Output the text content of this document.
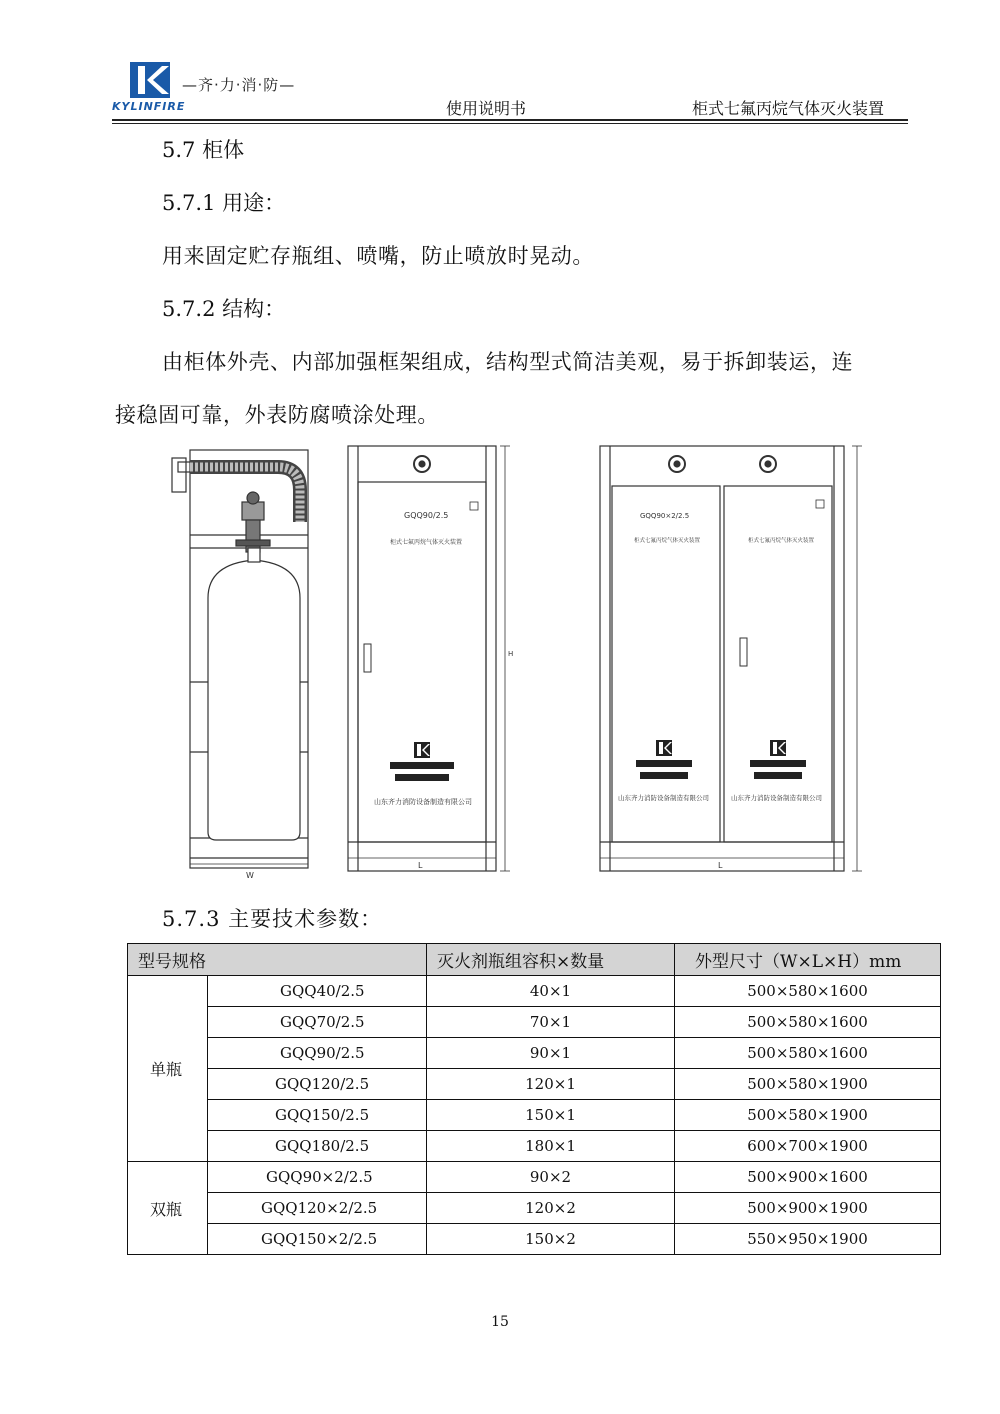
—齐·力·消·防—
KYLINFIRE	使用说明书	柜式七氟丙烷气体灭火装置
5.7 柜体
5.7.1 用途：
用来固定贮存瓶组、喷嘴，防止喷放时晃动。
5.7.2 结构：
由柜体外壳、内部加强框架组成，结构型式简洁美观，易于拆卸装运，连
接稳固可靠，外表防腐喷涂处理。
W
GQQ90/2.5
柜式七氟丙烷气体灭火装置
山东齐力消防设备制造有限公司
H
L
GQQ90×2/2.5
柜式七氟丙烷气体灭火装置	柜式七氟丙烷气体灭火装置
山东齐力消防设备制造有限公司	山东齐力消防设备制造有限公司
L
5.7.3 主要技术参数：
型号规格		灭火剂瓶组容积×数量	外型尺寸（W×L×H）mm
单瓶	GQQ40/2.5	40×1	500×580×1600
	GQQ70/2.5	70×1	500×580×1600
	GQQ90/2.5	90×1	500×580×1600
	GQQ120/2.5	120×1	500×580×1900
	GQQ150/2.5	150×1	500×580×1900
	GQQ180/2.5	180×1	600×700×1900
双瓶	GQQ90×2/2.5	90×2	500×900×1600
	GQQ120×2/2.5	120×2	500×900×1900
	GQQ150×2/2.5	150×2	550×950×1900
15
